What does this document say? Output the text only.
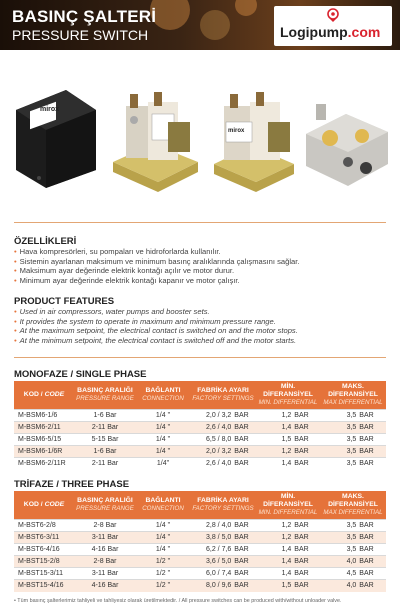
BASINÇ ŞALTERİ
PRESSURE SWITCH	Logipump.com
mirox
mirox
ÖZELLİKLERİ
• Hava kompresörleri, su pompaları ve hidroforlarda kullanılır.
• Sistemin ayarlanan maksimum ve minimum basınç aralıklarında çalışmasını sağlar.
• Maksimum ayar değerinde elektrik kontağı açılır ve motor durur.
• Minimum ayar değerinde elektrik kontağı kapanır ve motor çalışır.
PRODUCT FEATURES
• Used in air compressors, water pumps and booster sets.
• It provides the system to operate in maximum and minimum pressure range.
• At the maximum setpoint, the electrical contact is switched on and the motor stops.
• At the minimum setpoint, the electrical contact is switched off and the motor starts.
MONOFAZE / SINGLE PHASE
KOD / CODE	BASINÇ ARALIĞI
PRESSURE RANGE	BAĞLANTI
CONNECTION	FABRİKA AYARI
FACTORY SETTINGS	MİN. DİFERANSİYEL
MIN. DIFFERENTIAL	MAKS. DİFERANSİYEL
MAX DIFFERENTIAL

M-BSM6-1/6	1-6 Bar	1/4 "	2,0 / 3,2 BAR	1,2 BAR	3,5 BAR
M-BSM6-2/11	2-11 Bar	1/4 "	2,6 / 4,0 BAR	1,4 BAR	3,5 BAR
M-BSM6-5/15	5-15 Bar	1/4 "	6,5 / 8,0 BAR	1,5 BAR	3,5 BAR
M-BSM6-1/6R	1-6 Bar	1/4 "	2,0 / 3,2 BAR	1,2 BAR	3,5 BAR
M-BSM6-2/11R	2-11 Bar	1/4"	2,6 / 4,0 BAR	1,4 BAR	3,5 BAR
TRİFAZE / THREE PHASE
KOD / CODE	BASINÇ ARALIĞI
PRESSURE RANGE	BAĞLANTI
CONNECTION	FABRİKA AYARI
FACTORY SETTINGS	MİN. DİFERANSİYEL
MIN. DIFFERENTIAL	MAKS. DİFERANSİYEL
MAX DIFFERENTIAL

M-BST6-2/8	2-8 Bar	1/4 "	2,8 / 4,0 BAR	1,2 BAR	3,5 BAR
M-BST6-3/11	3-11 Bar	1/4 "	3,8 / 5,0 BAR	1,2 BAR	3,5 BAR
M-BST6-4/16	4-16 Bar	1/4 "	6,2 / 7,6 BAR	1,4 BAR	3,5 BAR
M-BST15-2/8	2-8 Bar	1/2 "	3,6 / 5,0 BAR	1,4 BAR	4,0 BAR
M-BST15-3/11	3-11 Bar	1/2 "	6,0 / 7,4 BAR	1,4 BAR	4,5 BAR
M-BST15-4/16	4-16 Bar	1/2 "	8,0 / 9,6 BAR	1,5 BAR	4,0 BAR
• Tüm basınç şalterlerimiz tahliyeli ve tahliyesiz olarak üretilmektedir. / All pressure switches can be produced with/without unloader valve.
